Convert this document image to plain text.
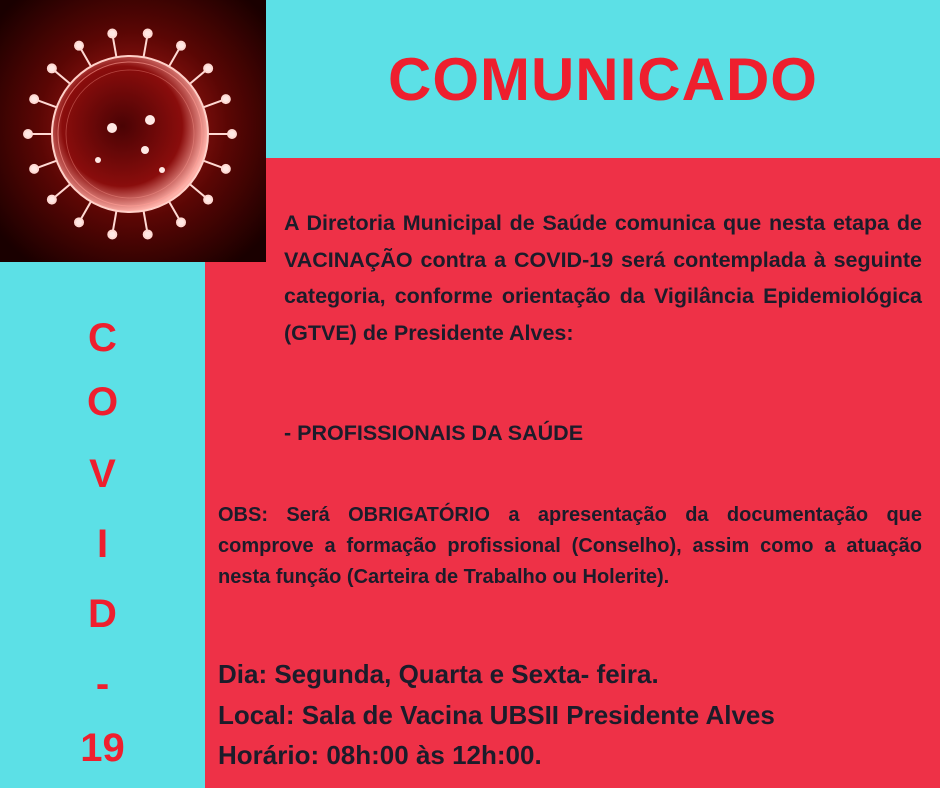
COMUNICADO
C
O
V
I
D
-
19
A Diretoria Municipal de Saúde comunica que nesta etapa de VACINAÇÃO contra a COVID-19 será contemplada à seguinte categoria, conforme orientação da Vigilância Epidemiológica (GTVE) de Presidente Alves:
- PROFISSIONAIS DA SAÚDE
OBS: Será OBRIGATÓRIO a apresentação da documentação que comprove a formação profissional (Conselho), assim como a atuação nesta função (Carteira de Trabalho ou Holerite).
Dia: Segunda, Quarta e Sexta- feira.
Local: Sala de Vacina UBSII Presidente Alves
Horário: 08h:00 às 12h:00.
